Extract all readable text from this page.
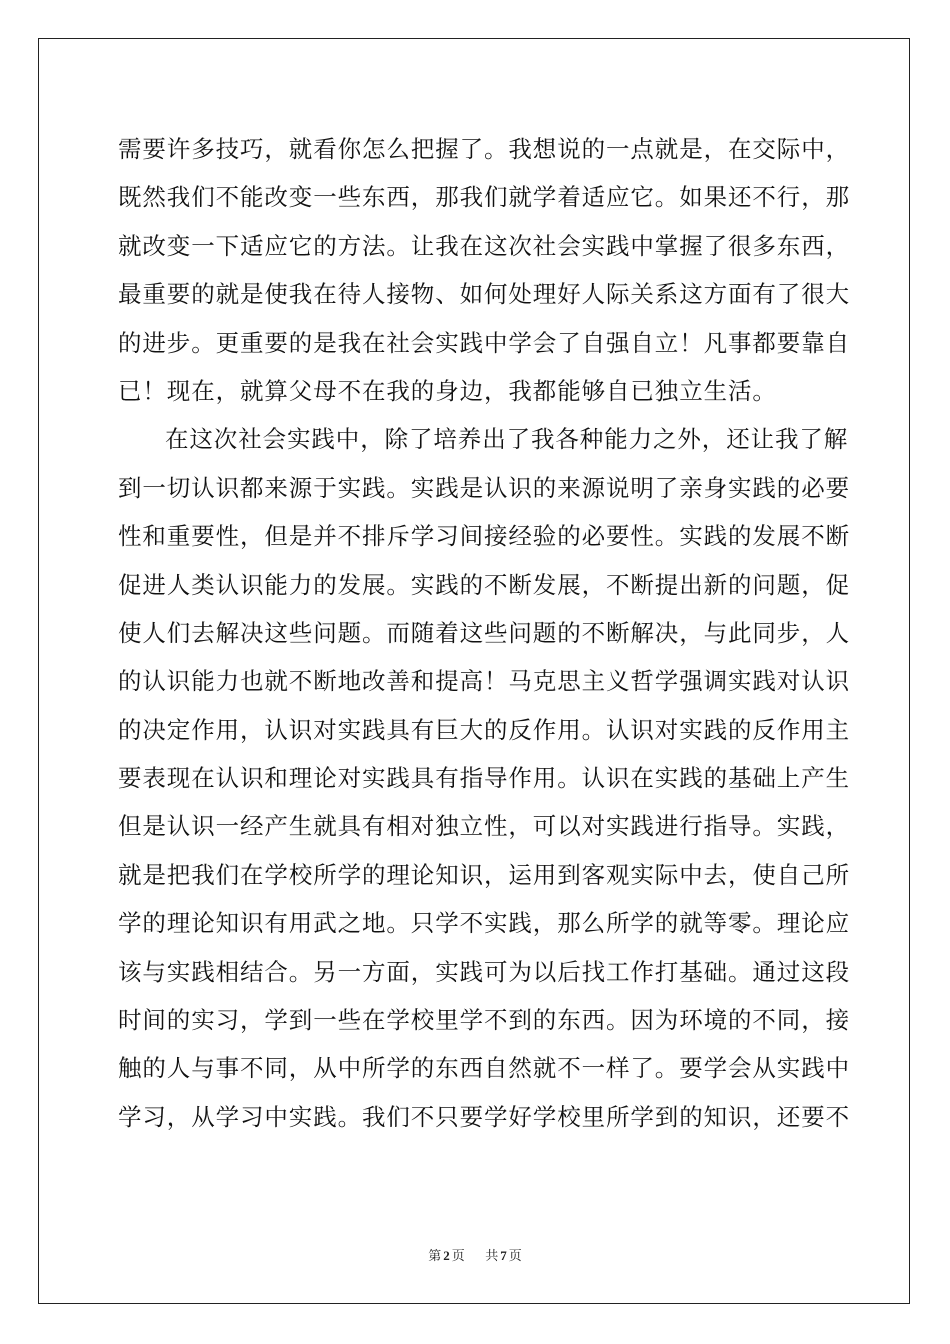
需要许多技巧，就看你怎么把握了。我想说的一点就是，在交际中，
既然我们不能改变一些东西，那我们就学着适应它。如果还不行，那
就改变一下适应它的方法。让我在这次社会实践中掌握了很多东西，
最重要的就是使我在待人接物、如何处理好人际关系这方面有了很大
的进步。更重要的是我在社会实践中学会了自强自立！凡事都要靠自
已！现在，就算父母不在我的身边，我都能够自已独立生活。
在这次社会实践中，除了培养出了我各种能力之外，还让我了解
到一切认识都来源于实践。实践是认识的来源说明了亲身实践的必要
性和重要性，但是并不排斥学习间接经验的必要性。实践的发展不断
促进人类认识能力的发展。实践的不断发展，不断提出新的问题，促
使人们去解决这些问题。而随着这些问题的不断解决，与此同步，人
的认识能力也就不断地改善和提高！马克思主义哲学强调实践对认识
的决定作用，认识对实践具有巨大的反作用。认识对实践的反作用主
要表现在认识和理论对实践具有指导作用。认识在实践的基础上产生
但是认识一经产生就具有相对独立性，可以对实践进行指导。实践，
就是把我们在学校所学的理论知识，运用到客观实际中去，使自己所
学的理论知识有用武之地。只学不实践，那么所学的就等零。理论应
该与实践相结合。另一方面，实践可为以后找工作打基础。通过这段
时间的实习，学到一些在学校里学不到的东西。因为环境的不同，接
触的人与事不同，从中所学的东西自然就不一样了。要学会从实践中
学习，从学习中实践。我们不只要学好学校里所学到的知识，还要不
第 2 页 共 7 页
